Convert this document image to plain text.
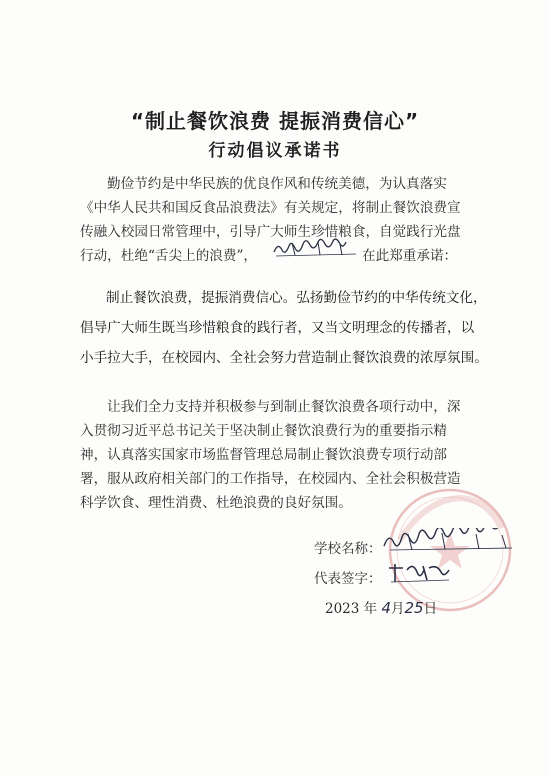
“制止餐饮浪费 提振消费信心”
行动倡议承诺书
勤俭节约是中华民族的优良作风和传统美德，为认真落实
《中华人民共和国反食品浪费法》有关规定，将制止餐饮浪费宣
传融入校园日常管理中，引导广大师生珍惜粮食，自觉践行光盘
行动，杜绝“舌尖上的浪费”，	在此郑重承诺：
制止餐饮浪费，提振消费信心。弘扬勤俭节约的中华传统文化，
倡导广大师生既当珍惜粮食的践行者，又当文明理念的传播者，以
小手拉大手，在校园内、全社会努力营造制止餐饮浪费的浓厚氛围。
让我们全力支持并积极参与到制止餐饮浪费各项行动中，深
入贯彻习近平总书记关于坚决制止餐饮浪费行为的重要指示精
神，认真落实国家市场监督管理总局制止餐饮浪费专项行动部
署，服从政府相关部门的工作指导，在校园内、全社会积极营造
科学饮食、理性消费、杜绝浪费的良好氛围。
学校名称：
代表签字：
2023 年 4月25日
